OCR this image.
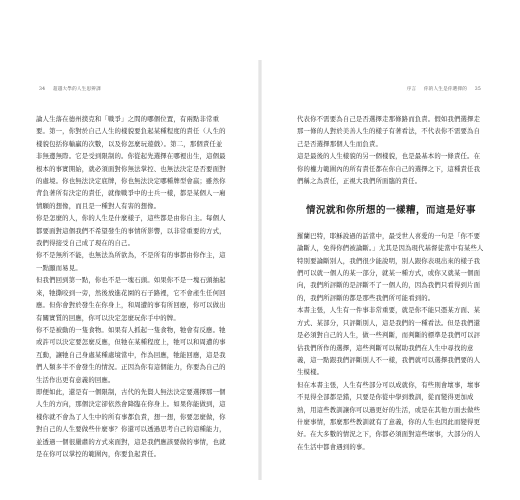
34 超越大學的人生思辨課

論人生落在德州撲克和「戰爭」之間的哪個位置，有兩點非常重要。第一，你對於自己人生的樣貌要負起某種程度的責任（人生的樣貌包括你輸贏的次數，以及你怎麼玩遊戲）。第二，那個責任並非無邊無際。它是受到限制的。你從起先選擇在哪裡出生，這個最根本的事實開始，就必須面對你無法掌控、也無法決定是否要面對的處境。你也無法決定底牌，你也無法決定哪種牌型會嬴；雖然你背負著所有決定的責任，就像戰爭中的士兵一樣，都是某個人一廂情願的想像，而且是一種對人有害的想像。

你是怎麼的人，你的人生是什麼樣子，這些都是由你自主。每個人都要面對這個我們不希望發生的事情所影響，以非常重要的方式，我們得接受自己成了現在的自己。

你不是無所不能，也無法為所欲為，不是所有的事都由你作主，這一點顯而易見。

但我們回到第一點，你也不是一塊石頭。如果你不是一塊石頭抽起來，牠撕咬到一旁，然後放進花園的石子路裡，它不會產生任何回應。但你會對於發生在你身上，和周遭的事有所回應，你可以做出有關實質的回應，你可以決定怎麼玩你手中的牌。

你不是被動的一隻食物。如果有人抓起一隻食物，牠會有反應。牠或許可以決定要怎麼反應，但牠在某種程度上，牠可以和周遭的事互動，讓牠自己身處某種處境當中，作為回應，牠能回應，這是我們人類多半不會發生的情況。正因為你有這個能力，你要為自己的生活作出更有意義的回應。

即便如此，還是有一個限制，古代的先賢人無法決定要選擇那一個人生的方向，那個決定卻依然會降臨在你身上。如果你能做到，這樣你就不會為了人生中的所有事都負責，想一想，你要怎麼做，你對自己的人生要做些什麼事？你還可以透過思考自己的這種能力，並透過一個很嚴肅的方式來面對，這是我們應該要做的事情，也就是在你可以掌控的範圍內，你要負起責任。

序言 你的人生是你選擇的 35

代表你不需要為自己是否選擇走那條路而負責。假如我們選擇走那一條的人對於美善人生的樣子有著看法，不代表你不需要為自己是否選擇那個人生而負責。

這是最後的人生樣貌的另一個樣貌，也是最基本的一條責任。在你的權力範圍內的所有責任都在你自己的選擇之下，這種責任我們稱之為責任，正視大我們所面臨的責任。

情況就和你所想的一樣糟，而這是好事

羅蘭巴特，耶穌說過的話當中，最受世人喜愛的一句是「你不要論斷人，免得你們被論斷。」尤其是因為現代基督徒當中有某些人特別要論斷別人，我們很少能說明，別人跟你表現出來的樣子我們可以就一個人的某一部分，就某一種方式，或你又就某一個面向，我們所評斷的是評斷不了一個人的，因為我們只看得到片面的，我們所評斷的都是那些我們所可能看到的。

本書主張，人生有一件事非常重要，就是你不能只憑某方面、某方式、某部分，只評斷別人，這是我們的一種看法。但是我們還是必須對自己的人生，做一些判斷，而判斷的標準是我們可以評估我們所作的選擇，這些判斷可以幫助我們在人生中尋找的意義，這一點跟我們評斷別人不一樣，我們就可以選擇我們要的人生模樣。

但在本書主張，人生有些部分可以成就你，有些則會壞事，壞事不見得全部都是錯，只要是你從中學到教訓，從而變得更加成熟，用這些教訓讓你可以過更好的生活，或是在其他方面去做些什麼事情，那麼那些教訓就有了意義，你的人生也因此而變得更好。在大多數的情況之下，你都必須面對這些壞事，大部分的人在生活中都會遇到的事。
